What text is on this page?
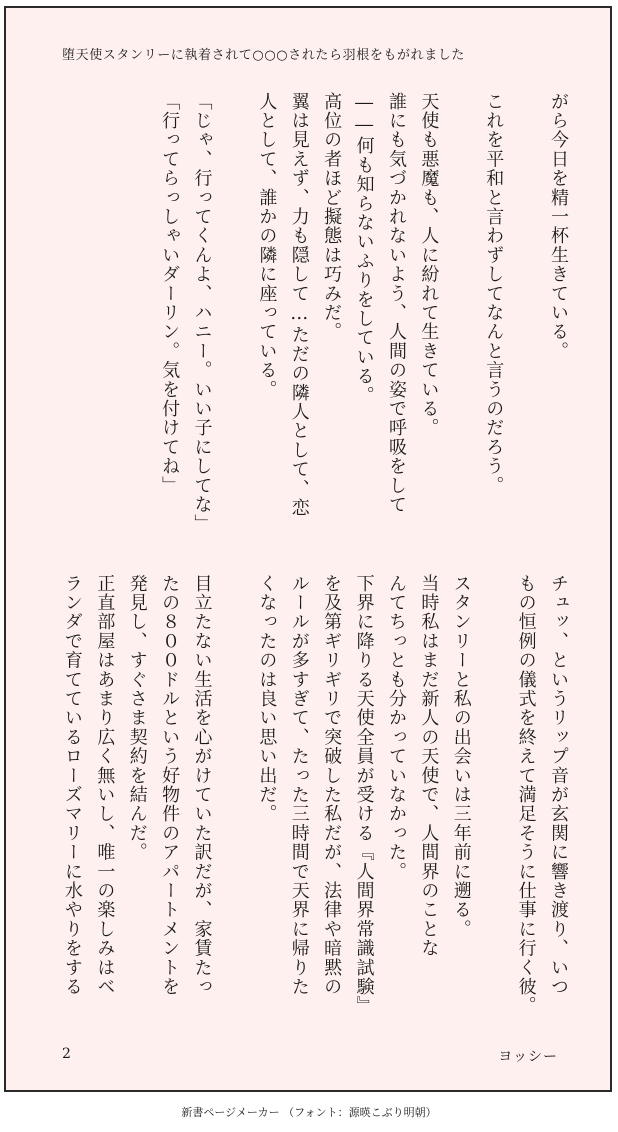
堕天使スタンリーに執着されて○○○されたら羽根をもがれました
がら今日を精一杯生きている。

これを平和と言わずしてなんと言うのだろう。

天使も悪魔も、人に紛れて生きている。
誰にも気づかれないよう、人間の姿で呼吸をして
――何も知らないふりをしている。
高位の者ほど擬態は巧みだ。
翼は見えず、力も隠して…ただの隣人として、恋
人として、誰かの隣に座っている。

「じゃ、行ってくんよ、ハニー。いい子にしてな」
「行ってらっしゃいダーリン。気を付けてね」
チュッ、というリップ音が玄関に響き渡り、いつ
もの恒例の儀式を終えて満足そうに仕事に行く彼。

スタンリーと私の出会いは三年前に遡る。
当時私はまだ新人の天使で、人間界のことな
んてちっとも分かっていなかった。
下界に降りる天使全員が受ける『人間界常識試験』
を及第ギリギリで突破した私だが、法律や暗黙の
ルールが多すぎて、たった三時間で天界に帰りた
くなったのは良い思い出だ。

目立たない生活を心がけていた訳だが、家賃たっ
たの８００ドルという好物件のアパートメントを
発見し、すぐさま契約を結んだ。
正直部屋はあまり広く無いし、唯一の楽しみはベ
ランダで育てているローズマリーに水やりをする
2	ヨッシー
新書ページメーカー （フォント：源暎こぶり明朝）
